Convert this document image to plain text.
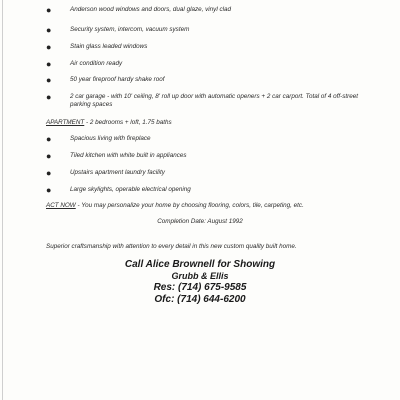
●	Anderson wood windows and doors, dual glaze, vinyl clad
●	Security system, intercom, vacuum system
●	Stain glass leaded windows
●	Air condition ready
●	50 year fireproof hardy shake roof
●	2 car garage - with 10' ceiling, 8' roll up door with automatic openers + 2 car carport. Total of 4 off-street parking spaces
APARTMENT - 2 bedrooms + loft, 1.75 baths
●	Spacious living with fireplace
●	Tiled kitchen with white built in appliances
●	Upstairs apartment laundry facility
●	Large skylights, operable electrical opening
ACT NOW - You may personalize your home by choosing flooring, colors, tile, carpeting, etc.
Completion Date: August 1992
Superior craftsmanship with attention to every detail in this new custom quality built home.
Call Alice Brownell for Showing
Grubb & Ellis
Res: (714) 675-9585
Ofc: (714) 644-6200
